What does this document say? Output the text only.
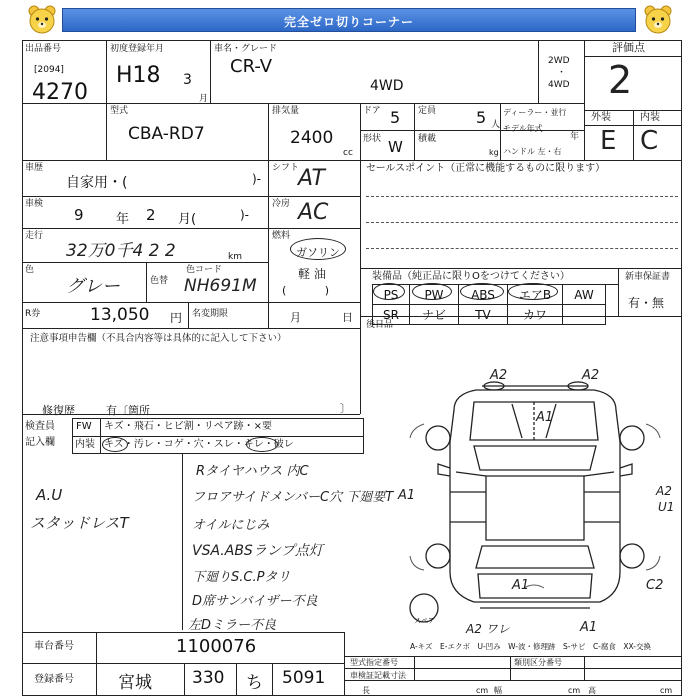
完全ゼロ切りコーナー
出品番号
[2094]
4270
初度登録年月
H18 3
月
車名・グレード
CR-V
4WD
2WD
・
4WD
評価点
2
外装	内装
E C
型式
CBA-RD7
排気量
2400
cc
ドア 5 定員 5 人
ディーラー・並行
モデル年式
年
形状 W 積載
kg ハンドル 左・右
車歴
自家用・(	)-
シフト
AT
車検
9 年 2 月(	)-
冷房 AC
走行
32万0千4 2 2	km
燃料
ガソリン
軽 油
(           )
色
グレー	色替
色コード
NH691M
R券	13,050 円 名変期限	月	日
セールスポイント（正常に機能するものに限ります）
装備品（純正品に限りOをつけてください）	新車保証書
有・無
PS	PW	ABS	エアB	AW
SR	ナビ	TV	カワ	
後日品
注意事項申告欄（不具合内容等は具体的に記入して下さい）
修復歴	有〔箇所	〕
検査員
記入欄
FW キズ・飛石・ヒビ割・リペア跡・×要
内装 キズ・汚レ・コゲ・穴・スレ・キレ・破レ
A.U
スタッドレスT
Rタイヤハウス 内C
フロアサイドメンバーC穴 下廻要T
オイルにじみ
VSA.ABSランプ点灯
下廻りS.C.Pタリ
D席サンバイザー不良
左Dミラー不良
A2	A2
A1
A1	A2
U1
A1	C2
A2 ワレ	A1
スペア
A-キズ　E-エクボ　U-凹み　W-波・修理跡　S-サビ　C-腐食　XX-交換
車台番号	1100076
登録番号	宮城 330 ち 5091
型式指定番号	類別区分番号
車検証記載寸法
長	cm 幅	cm 高	cm
